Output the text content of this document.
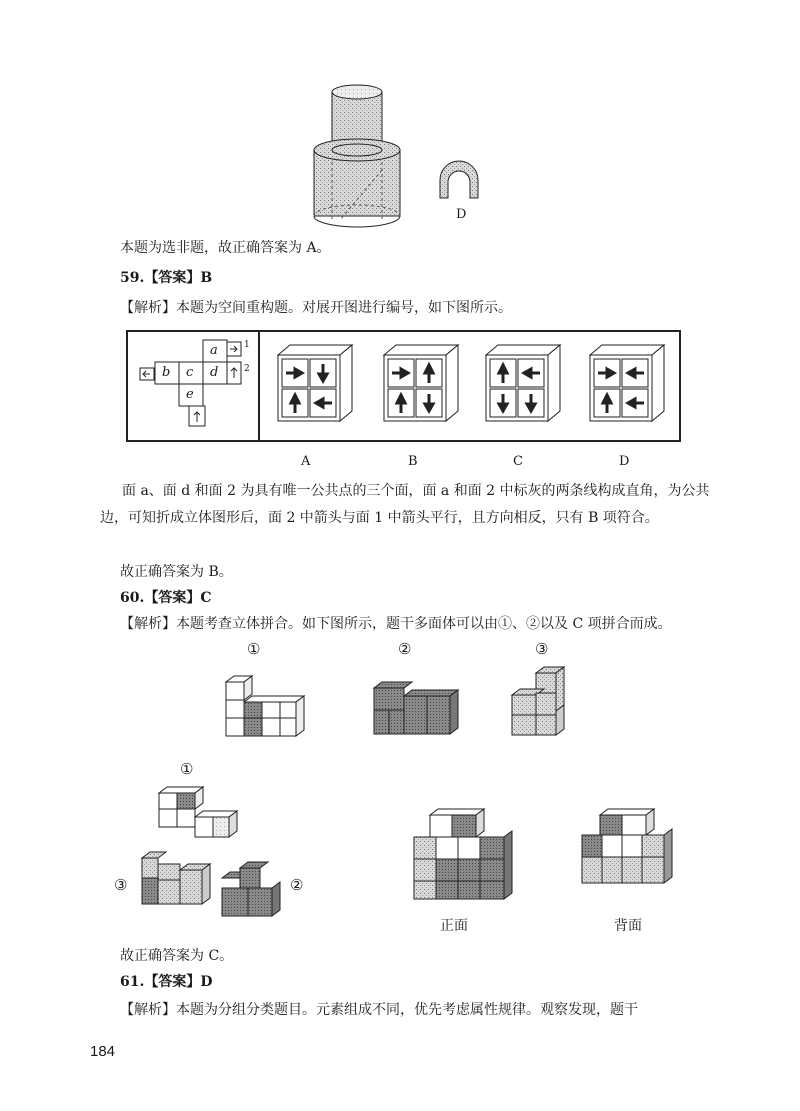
D
本题为选非题，故正确答案为 A。
59.【答案】B
【解析】本题为空间重构题。对展开图进行编号，如下图所示。
a
b c d
e
1
2
A	B	C	D
面 a、面 d 和面 2 为具有唯一公共点的三个面，面 a 和面 2 中标灰的两条线构成直角，为公共边，可知折成立体图形后，面 2 中箭头与面 1 中箭头平行，且方向相反，只有 B 项符合。
故正确答案为 B。
60.【答案】C
【解析】本题考查立体拼合。如下图所示，题干多面体可以由①、②以及 C 项拼合而成。
①	②	③
①
③	②
正面	背面
故正确答案为 C。
61.【答案】D
【解析】本题为分组分类题目。元素组成不同，优先考虑属性规律。观察发现，题干
184
